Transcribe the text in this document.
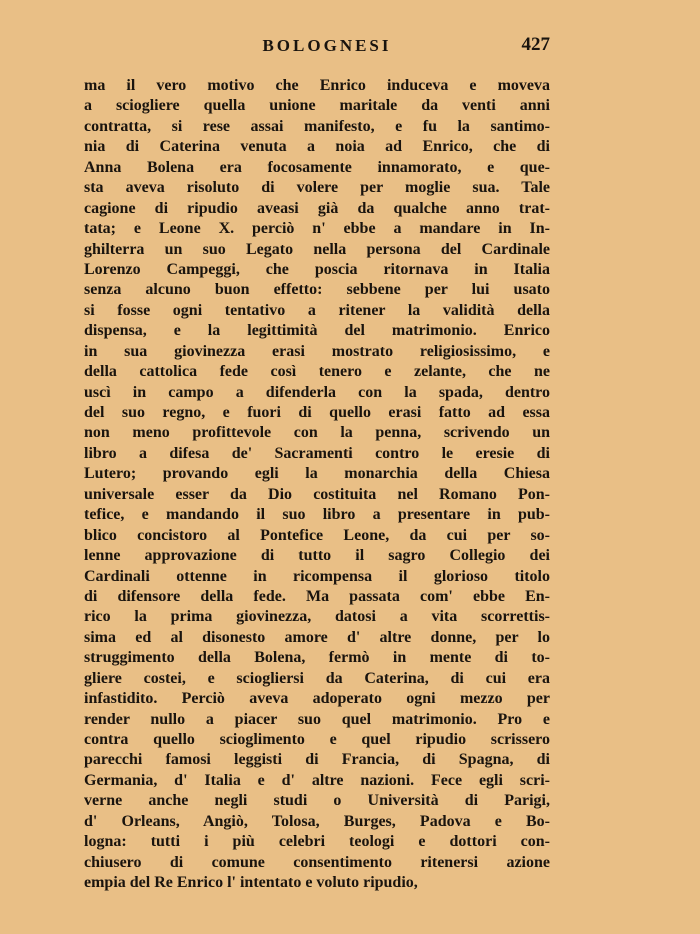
BOLOGNESI	427
ma il vero motivo che Enrico induceva e moveva
a sciogliere quella unione maritale da venti anni
contratta, si rese assai manifesto, e fu la santimo-
nia di Caterina venuta a noia ad Enrico, che di
Anna Bolena era focosamente innamorato, e que-
sta aveva risoluto di volere per moglie sua. Tale
cagione di ripudio aveasi già da qualche anno trat-
tata; e Leone X. perciò n' ebbe a mandare in In-
ghilterra un suo Legato nella persona del Cardinale
Lorenzo Campeggi, che poscia ritornava in Italia
senza alcuno buon effetto: sebbene per lui usato
si fosse ogni tentativo a ritener la validità della
dispensa, e la legittimità del matrimonio. Enrico
in sua giovinezza erasi mostrato religiosissimo, e
della cattolica fede così tenero e zelante, che ne
uscì in campo a difenderla con la spada, dentro
del suo regno, e fuori di quello erasi fatto ad essa
non meno profittevole con la penna, scrivendo un
libro a difesa de' Sacramenti contro le eresie di
Lutero; provando egli la monarchia della Chiesa
universale esser da Dio costituita nel Romano Pon-
tefice, e mandando il suo libro a presentare in pub-
blico concistoro al Pontefice Leone, da cui per so-
lenne approvazione di tutto il sagro Collegio dei
Cardinali ottenne in ricompensa il glorioso titolo
di difensore della fede. Ma passata com' ebbe En-
rico la prima giovinezza, datosi a vita scorrettis-
sima ed al disonesto amore d' altre donne, per lo
struggimento della Bolena, fermò in mente di to-
gliere costei, e sciogliersi da Caterina, di cui era
infastidito. Perciò aveva adoperato ogni mezzo per
render nullo a piacer suo quel matrimonio. Pro e
contra quello scioglimento e quel ripudio scrissero
parecchi famosi leggisti di Francia, di Spagna, di
Germania, d' Italia e d' altre nazioni. Fece egli scri-
verne anche negli studi o Università di Parigi,
d' Orleans, Angiò, Tolosa, Burges, Padova e Bo-
logna: tutti i più celebri teologi e dottori con-
chiusero di comune consentimento ritenersi azione
empia del Re Enrico l' intentato e voluto ripudio,
